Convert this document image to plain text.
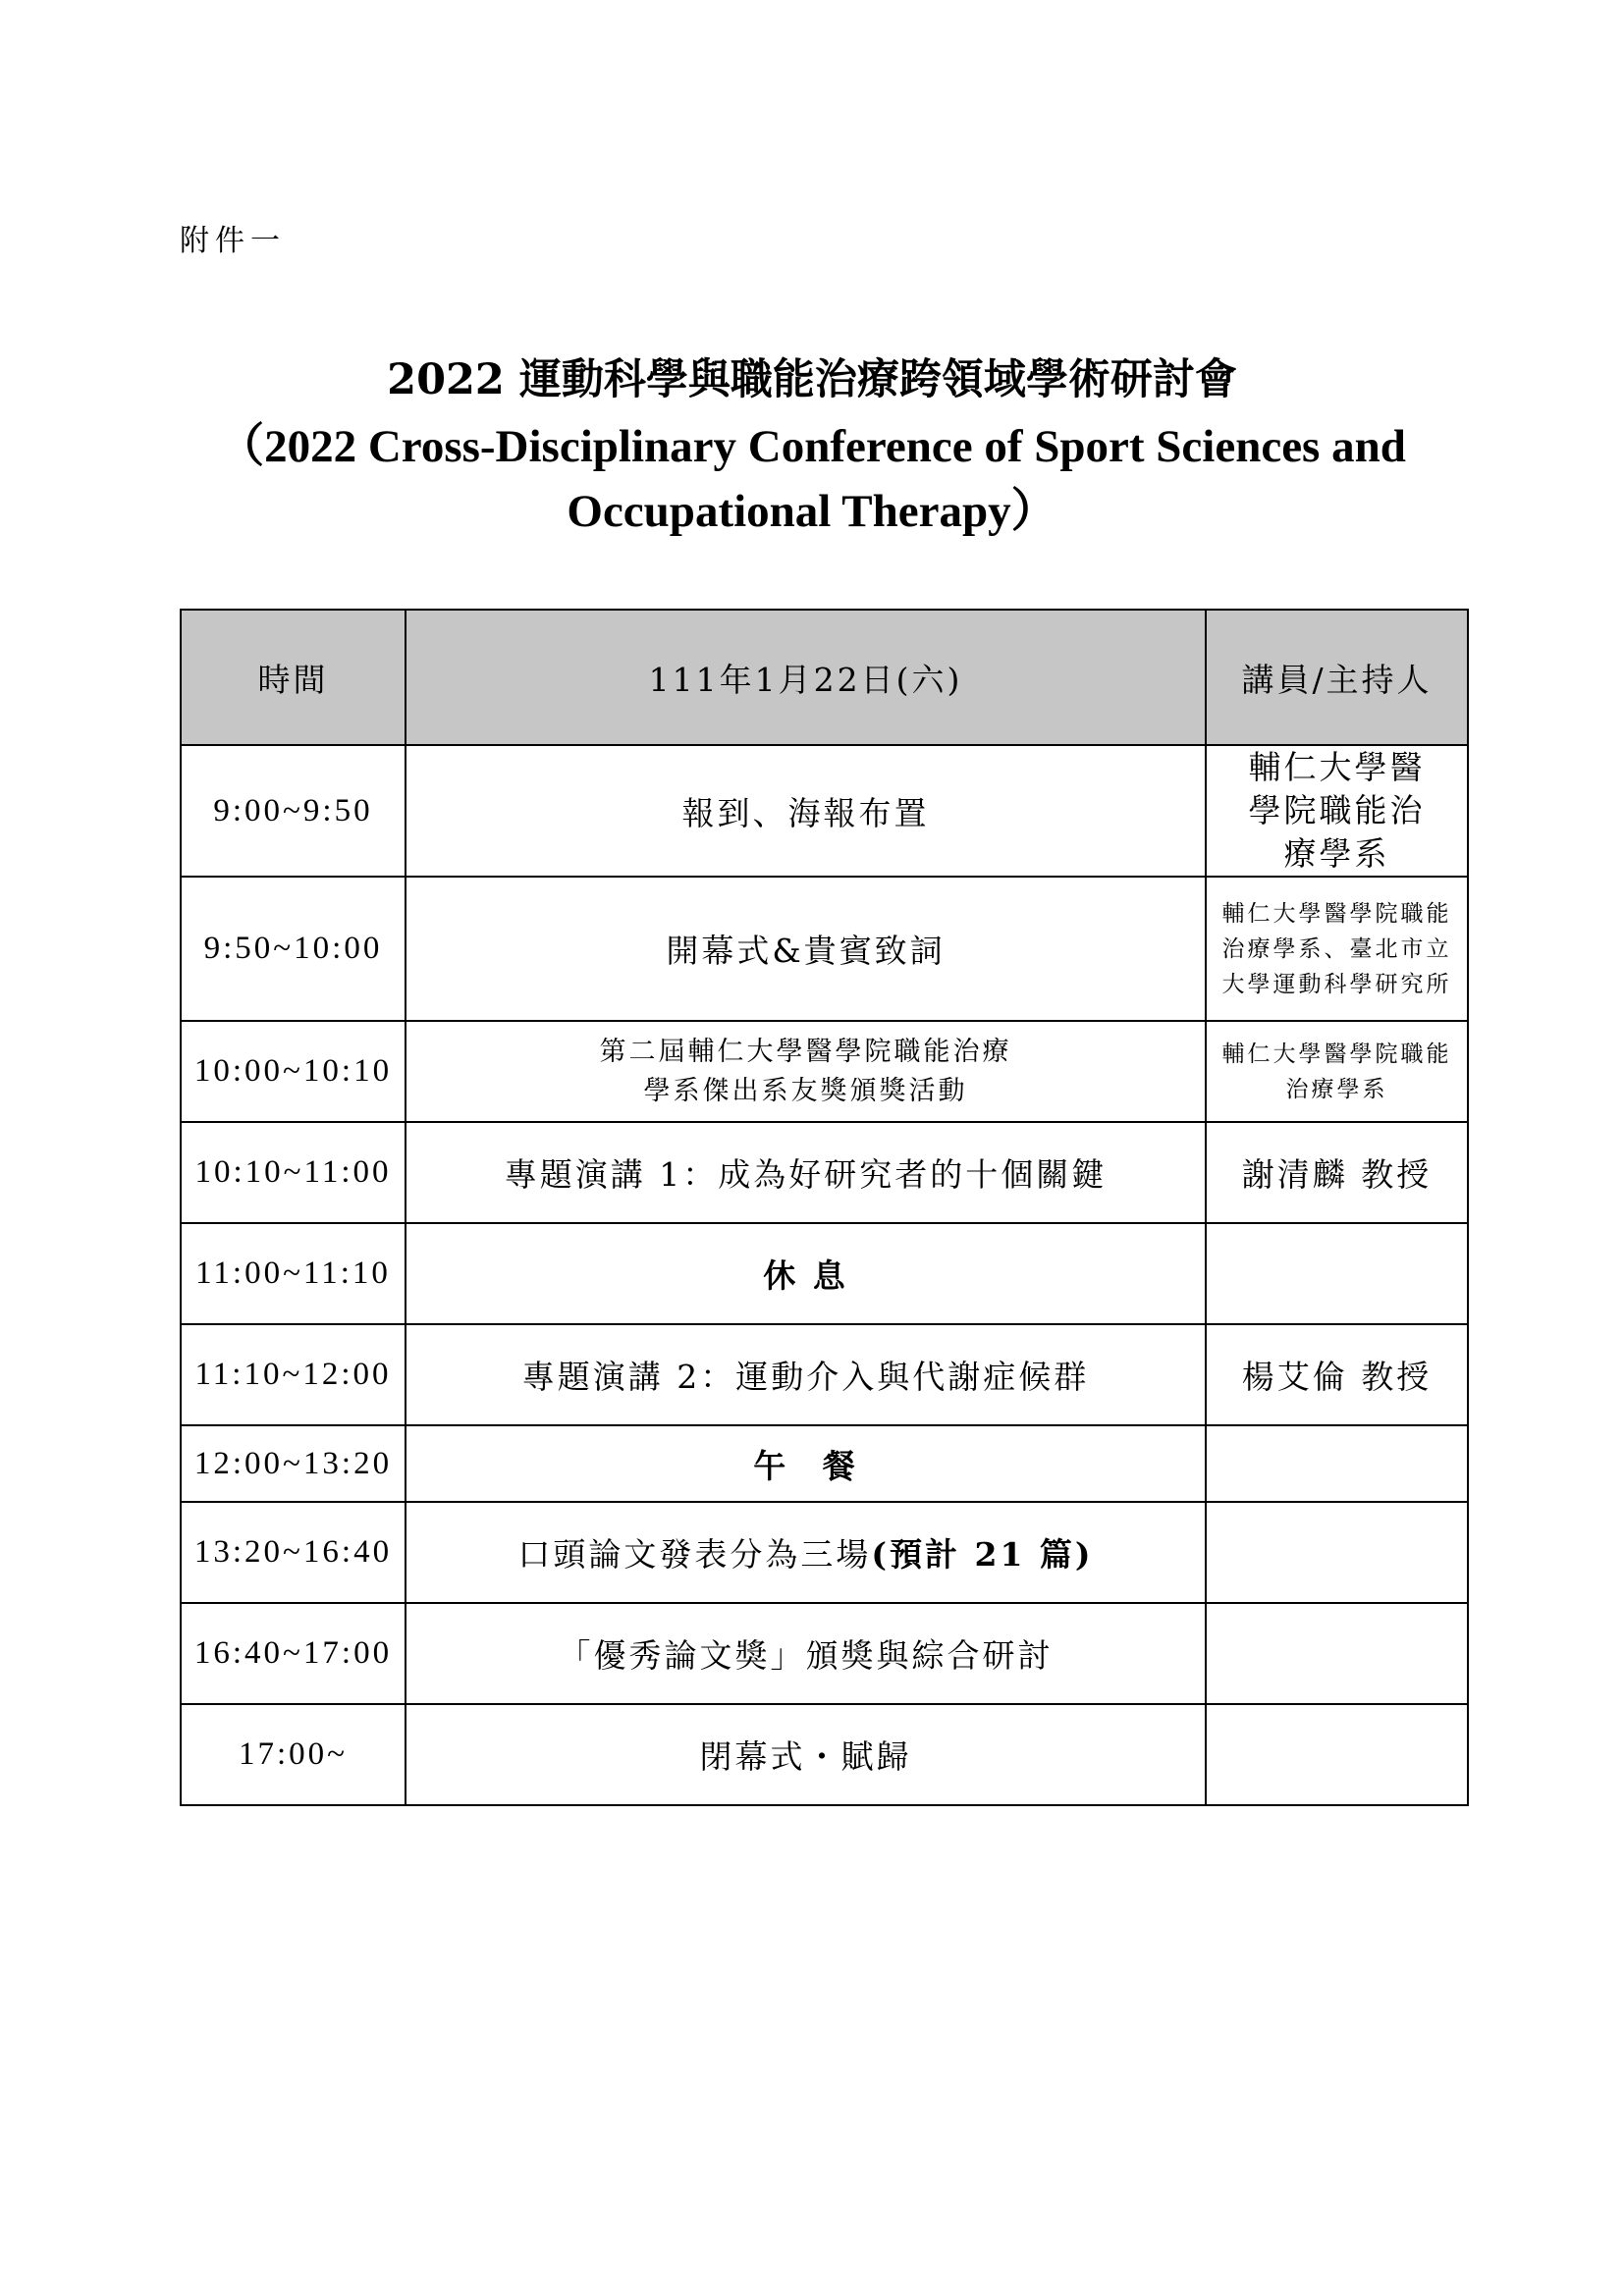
附件一
2022 運動科學與職能治療跨領域學術研討會
（2022 Cross-Disciplinary Conference of Sport Sciences and
Occupational Therapy）
時間	111年1月22日(六)	講員/主持人
9:00~9:50	報到、海報布置	輔仁大學醫學院職能治療學系
9:50~10:00	開幕式&貴賓致詞	輔仁大學醫學院職能治療學系、臺北市立大學運動科學研究所
10:00~10:10	第二屆輔仁大學醫學院職能治療學系傑出系友獎頒獎活動	輔仁大學醫學院職能治療學系
10:10~11:00	專題演講 1：成為好研究者的十個關鍵	謝清麟 教授
11:00~11:10	休 息	
11:10~12:00	專題演講 2：運動介入與代謝症候群	楊艾倫 教授
12:00~13:20	午 餐	
13:20~16:40	口頭論文發表分為三場(預計 21 篇)	
16:40~17:00	「優秀論文獎」頒獎與綜合研討	
17:00~	閉幕式・賦歸	
